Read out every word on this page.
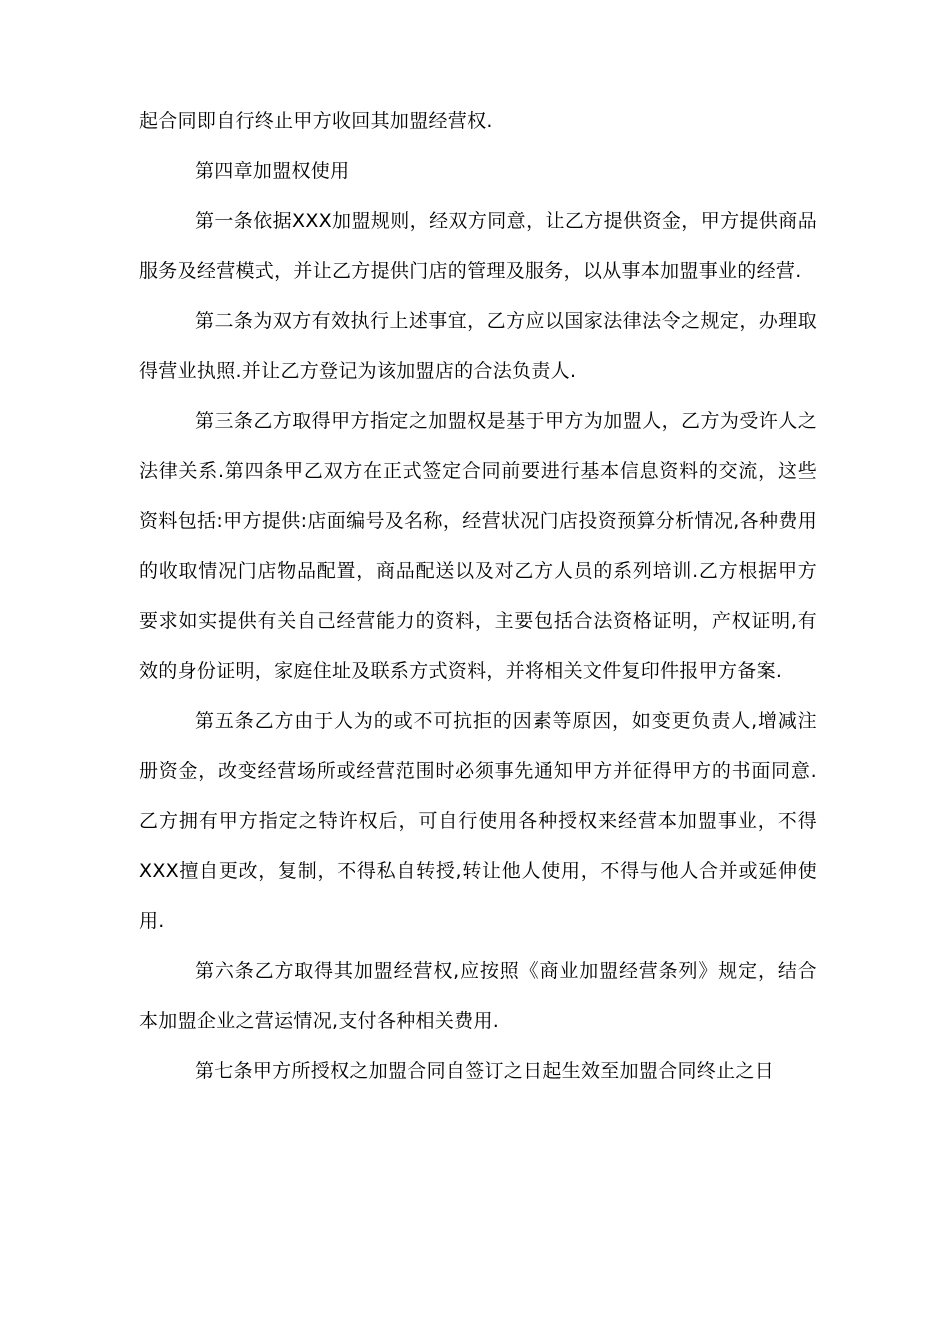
起合同即自行终止甲方收回其加盟经营权.

第四章加盟权使用

第一条依据XXX加盟规则，经双方同意，让乙方提供资金，甲方提供商品服务及经营模式，并让乙方提供门店的管理及服务，以从事本加盟事业的经营.

第二条为双方有效执行上述事宜，乙方应以国家法律法令之规定，办理取得营业执照.并让乙方登记为该加盟店的合法负责人.

第三条乙方取得甲方指定之加盟权是基于甲方为加盟人，乙方为受许人之法律关系.第四条甲乙双方在正式签定合同前要进行基本信息资料的交流，这些资料包括:甲方提供:店面编号及名称，经营状况门店投资预算分析情况,各种费用的收取情况门店物品配置，商品配送以及对乙方人员的系列培训.乙方根据甲方要求如实提供有关自己经营能力的资料，主要包括合法资格证明，产权证明,有效的身份证明，家庭住址及联系方式资料，并将相关文件复印件报甲方备案.

第五条乙方由于人为的或不可抗拒的因素等原因，如变更负责人,增减注册资金，改变经营场所或经营范围时必须事先通知甲方并征得甲方的书面同意.乙方拥有甲方指定之特许权后，可自行使用各种授权来经营本加盟事业，不得XXX擅自更改，复制，不得私自转授,转让他人使用，不得与他人合并或延伸使用.

第六条乙方取得其加盟经营权,应按照《商业加盟经营条列》规定，结合本加盟企业之营运情况,支付各种相关费用.

第七条甲方所授权之加盟合同自签订之日起生效至加盟合同终止之日
